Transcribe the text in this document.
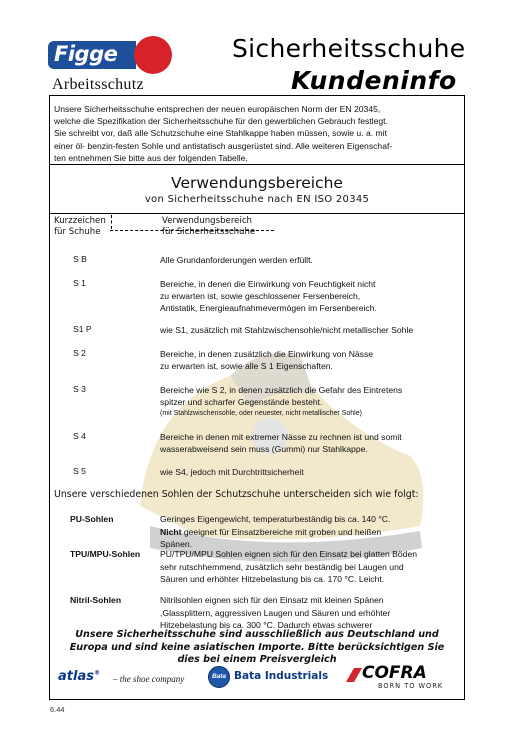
Figge
Arbeitsschutz
Sicherheitsschuhe
Kundeninfo
Unsere Sicherheitsschuhe entsprechen der neuen europäischen Norm der EN 20345,
welche die Spezifikation der Sicherheitsschuhe für den gewerblichen Gebrauch festlegt.
Sie schreibt vor, daß alle Schutzschuhe eine Stahlkappe haben müssen, sowie u. a. mit
einer öl- benzin-festen Sohle und antistatisch ausgerüstet sind. Alle weiteren Eigenschaf-
ten entnehmen Sie bitte aus der folgenden Tabelle.
Verwendungsbereiche
von Sicherheitsschuhe nach EN ISO 20345
Kurzzeichen
für Schuhe
Verwendungsbereich
für Sicherheitsschuhe
S B	Alle Grundanforderungen werden erfüllt.
S 1	Bereiche, in denen die Einwirkung von Feuchtigkeit nicht
zu erwarten ist, sowie geschlossener Fersenbereich,
Antistatik, Energieaufnahmevermögen im Fersenbereich.
S1 P	wie S1, zusätzlich mit Stahlzwischensohle/nicht metallischer Sohle
S 2	Bereiche, in denen zusätzlich die Einwirkung von Nässe
zu erwarten ist, sowie alle S 1 Eigenschaften.
S 3	Bereiche wie S 2, in denen zusätzlich die Gefahr des Eintretens
spitzer und scharfer Gegenstände besteht.
(mit Stahlzwischensohle, oder neuester, nicht metallischer Sohle)
S 4	Bereiche in denen mit extremer Nässe zu rechnen ist und somit
wasserabweisend sein muss (Gummi) nur Stahlkappe.
S 5	wie S4, jedoch mit Durchtrittsicherheit
Unsere verschiedenen Sohlen der Schutzschuhe unterscheiden sich wie folgt:
PU-Sohlen	Geringes Eigengewicht, temperaturbeständig bis ca. 140 °C.
Nicht geeignet für Einsatzbereiche mit groben und heißen
Spänen.
TPU/MPU-Sohlen PU/TPU/MPU Sohlen eignen sich für den Einsatz bei glatten Böden
sehr rutschhemmend, zusätzlich sehr beständig bei Laugen und
Säuren und erhöhter Hitzebelastung bis ca. 170 °C. Leicht.
Nitril-Sohlen	Nitrilsohlen eignen sich für den Einsatz mit kleinen Spänen
,Glassplittern, aggressiven Laugen und Säuren und erhöhter
Hitzebelastung bis ca. 300 °C. Dadurch etwas schwerer
Unsere Sicherheitsschuhe sind ausschließlich aus Deutschland und
Europa und sind keine asiatischen Importe. Bitte berücksichtigen Sie
dies bei einem Preisvergleich
atlas®
– the shoe company	Bata Bata Industrials COFRA
BORN TO WORK
6.44
